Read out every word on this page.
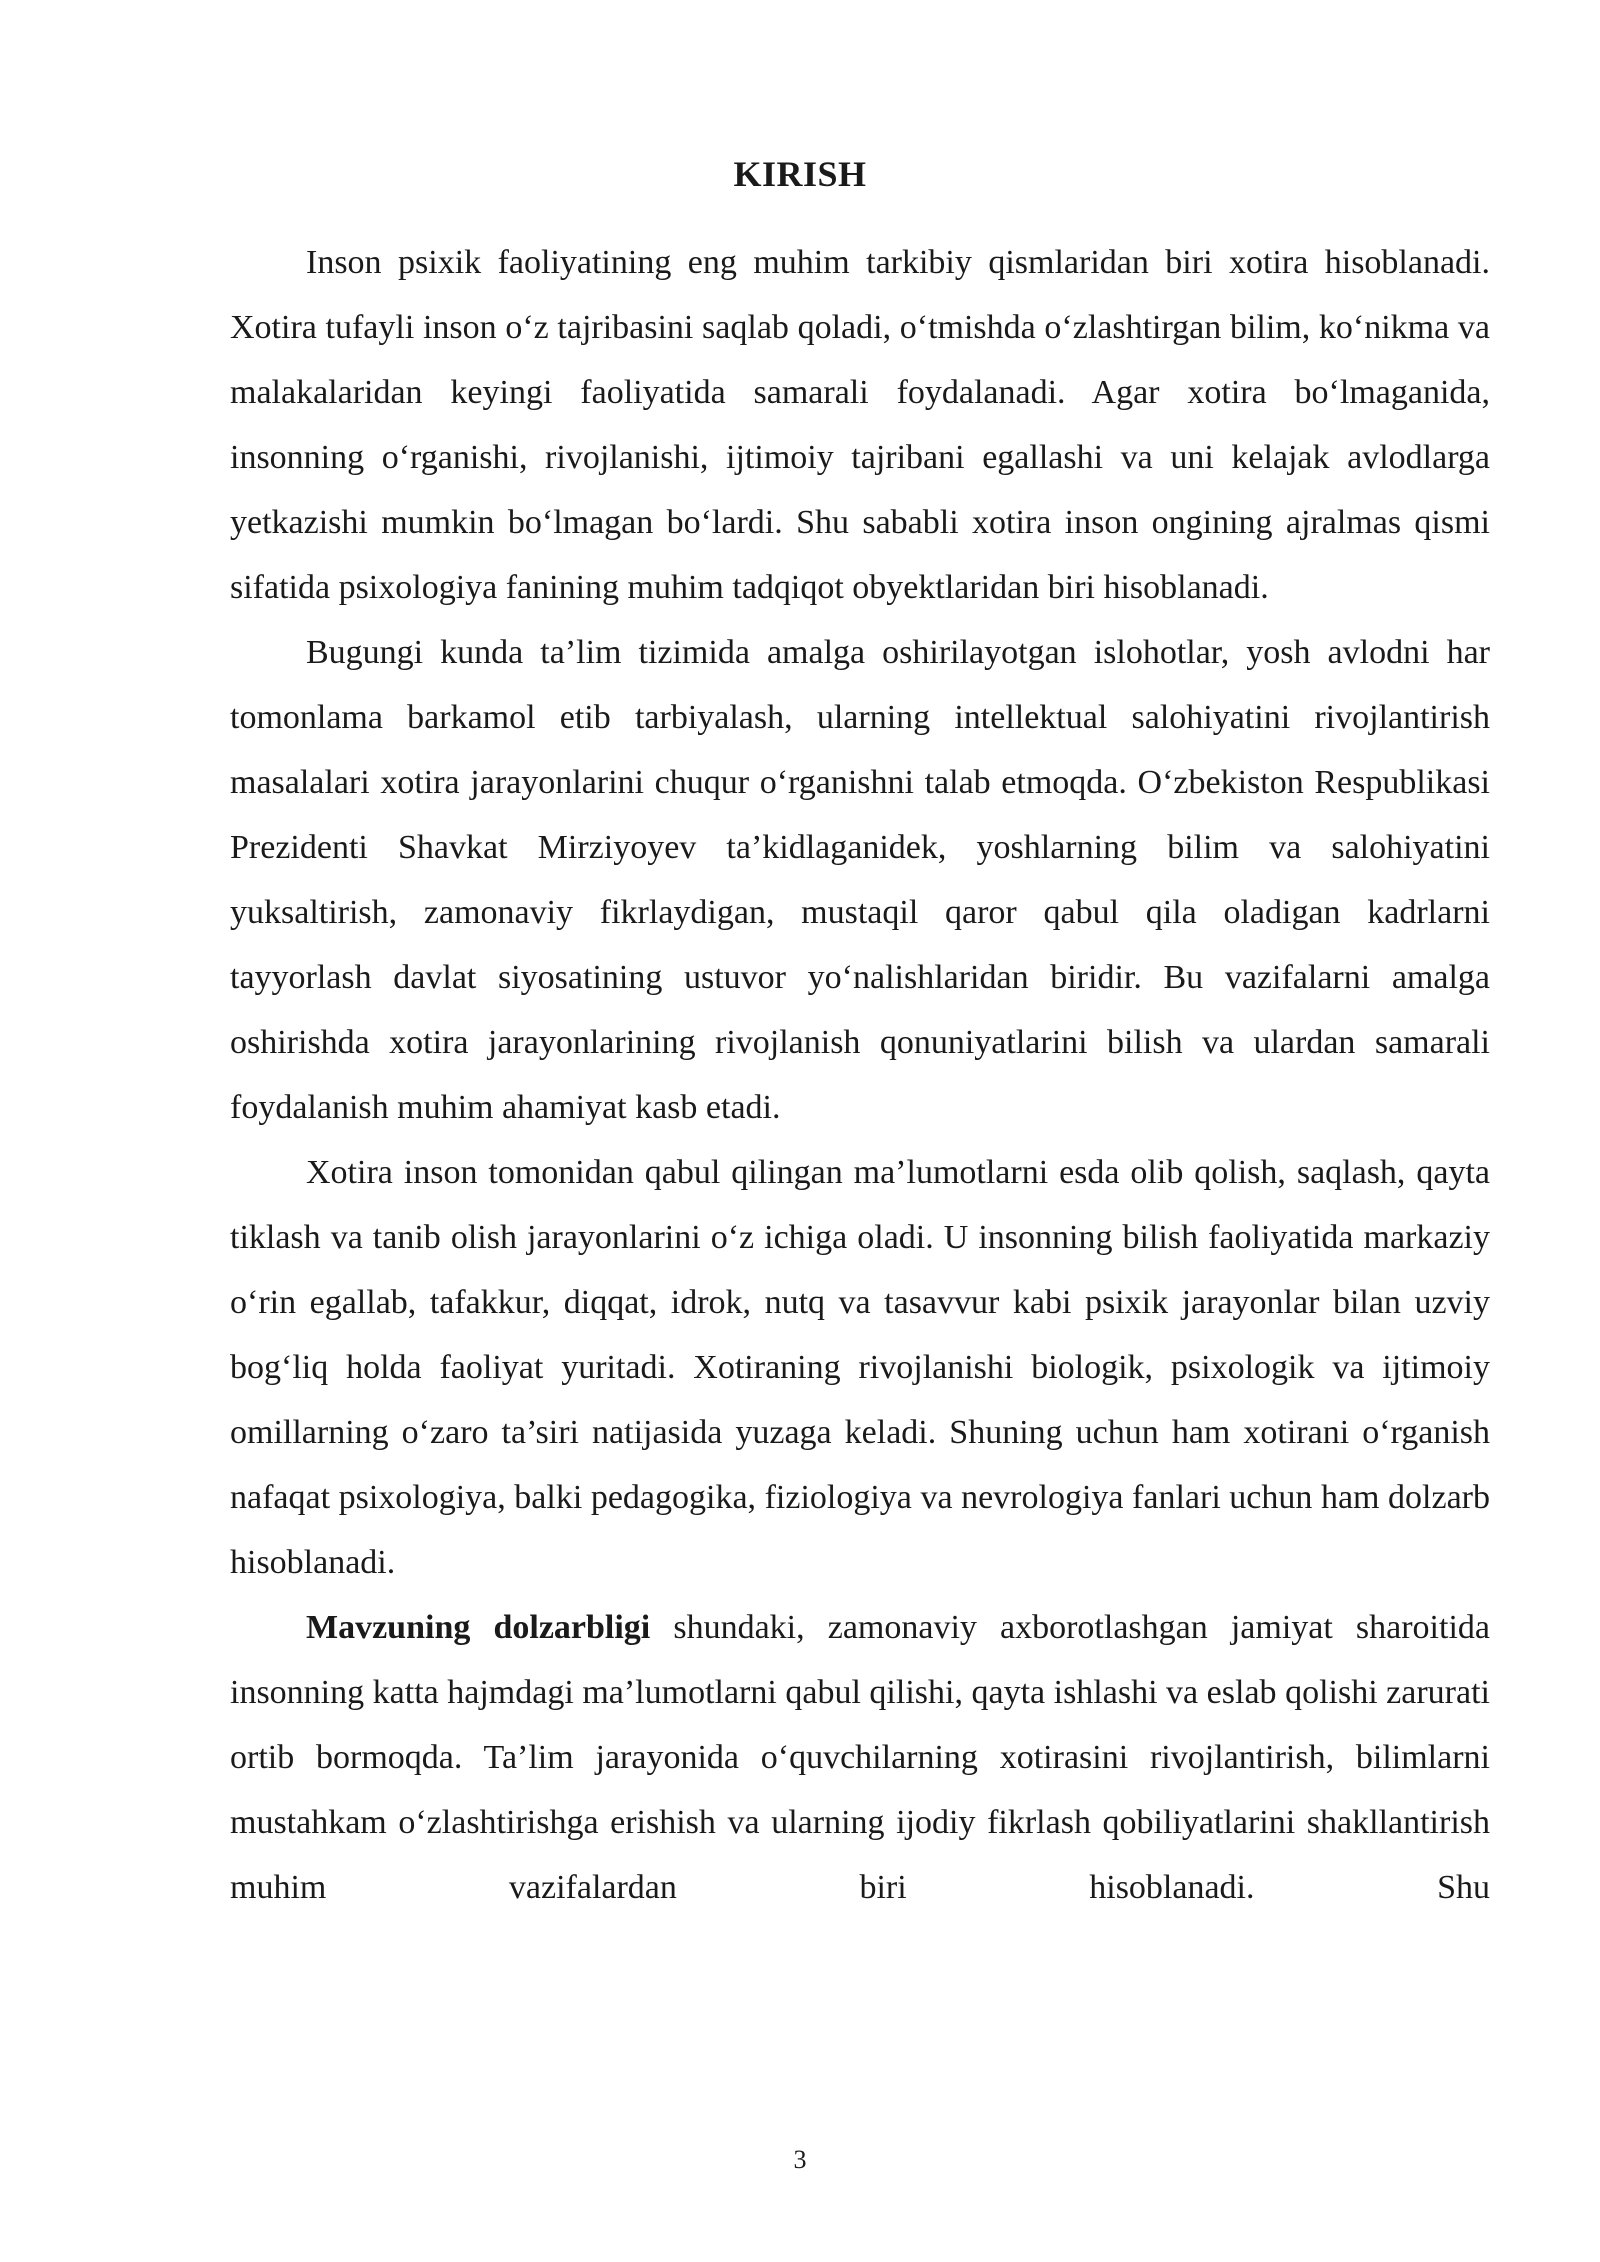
KIRISH

Inson psixik faoliyatining eng muhim tarkibiy qismlaridan biri xotira hisoblanadi. Xotira tufayli inson o‘z tajribasini saqlab qoladi, o‘tmishda o‘zlashtirgan bilim, ko‘nikma va malakalaridan keyingi faoliyatida samarali foydalanadi. Agar xotira bo‘lmaganida, insonning o‘rganishi, rivojlanishi, ijtimoiy tajribani egallashi va uni kelajak avlodlarga yetkazishi mumkin bo‘lmagan bo‘lardi. Shu sababli xotira inson ongining ajralmas qismi sifatida psixologiya fanining muhim tadqiqot obyektlaridan biri hisoblanadi.

Bugungi kunda ta’lim tizimida amalga oshirilayotgan islohotlar, yosh avlodni har tomonlama barkamol etib tarbiyalash, ularning intellektual salohiyatini rivojlantirish masalalari xotira jarayonlarini chuqur o‘rganishni talab etmoqda. O‘zbekiston Respublikasi Prezidenti Shavkat Mirziyoyev ta’kidlaganidek, yoshlarning bilim va salohiyatini yuksaltirish, zamonaviy fikrlaydigan, mustaqil qaror qabul qila oladigan kadrlarni tayyorlash davlat siyosatining ustuvor yo‘nalishlaridan biridir. Bu vazifalarni amalga oshirishda xotira jarayonlarining rivojlanish qonuniyatlarini bilish va ulardan samarali foydalanish muhim ahamiyat kasb etadi.

Xotira inson tomonidan qabul qilingan ma’lumotlarni esda olib qolish, saqlash, qayta tiklash va tanib olish jarayonlarini o‘z ichiga oladi. U insonning bilish faoliyatida markaziy o‘rin egallab, tafakkur, diqqat, idrok, nutq va tasavvur kabi psixik jarayonlar bilan uzviy bog‘liq holda faoliyat yuritadi. Xotiraning rivojlanishi biologik, psixologik va ijtimoiy omillarning o‘zaro ta’siri natijasida yuzaga keladi. Shuning uchun ham xotirani o‘rganish nafaqat psixologiya, balki pedagogika, fiziologiya va nevrologiya fanlari uchun ham dolzarb hisoblanadi.

Mavzuning dolzarbligi shundaki, zamonaviy axborotlashgan jamiyat sharoitida insonning katta hajmdagi ma’lumotlarni qabul qilishi, qayta ishlashi va eslab qolishi zarurati ortib bormoqda. Ta’lim jarayonida o‘quvchilarning xotirasini rivojlantirish, bilimlarni mustahkam o‘zlashtirishga erishish va ularning ijodiy fikrlash qobiliyatlarini shakllantirish muhim vazifalardan biri hisoblanadi. Shu

3
